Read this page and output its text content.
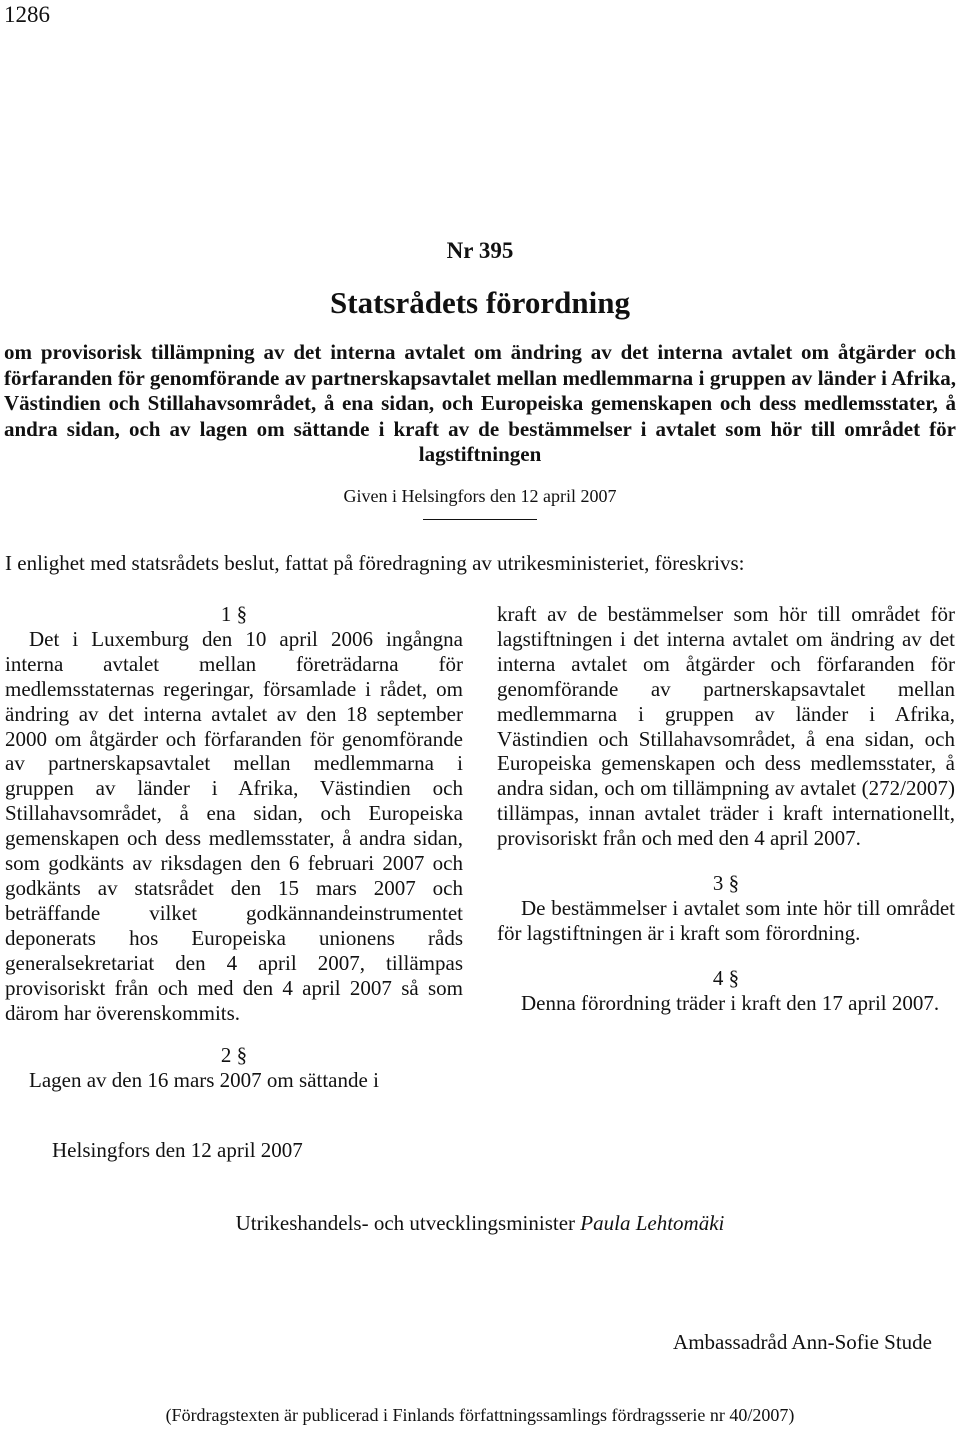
1286
Nr 395
Statsrådets förordning
om provisorisk tillämpning av det interna avtalet om ändring av det interna avtalet om åtgärder och förfaranden för genomförande av partnerskapsavtalet mellan medlemmarna i gruppen av länder i Afrika, Västindien och Stillahavsområdet, å ena sidan, och Europeiska gemenskapen och dess medlemsstater, å andra sidan, och av lagen om sättande i kraft av de bestämmelser i avtalet som hör till området för lagstiftningen
Given i Helsingfors den 12 april 2007
I enlighet med statsrådets beslut, fattat på föredragning av utrikesministeriet, föreskrivs:
1 §
Det i Luxemburg den 10 april 2006 ingångna interna avtalet mellan företrädarna för medlemsstaternas regeringar, församlade i rådet, om ändring av det interna avtalet av den 18 september 2000 om åtgärder och förfaranden för genomförande av partnerskapsavtalet mellan medlemmarna i gruppen av länder i Afrika, Västindien och Stillahavsområdet, å ena sidan, och Europeiska gemenskapen och dess medlemsstater, å andra sidan, som godkänts av riksdagen den 6 februari 2007 och godkänts av statsrådet den 15 mars 2007 och beträffande vilket godkännandeinstrumentet deponerats hos Europeiska unionens råds generalsekretariat den 4 april 2007, tillämpas provisoriskt från och med den 4 april 2007 så som därom har överenskommits.
2 §
Lagen av den 16 mars 2007 om sättande i
kraft av de bestämmelser som hör till området för lagstiftningen i det interna avtalet om ändring av det interna avtalet om åtgärder och förfaranden för genomförande av partnerskapsavtalet mellan medlemmarna i gruppen av länder i Afrika, Västindien och Stillahavsområdet, å ena sidan, och Europeiska gemenskapen och dess medlemsstater, å andra sidan, och om tillämpning av avtalet (272/2007) tillämpas, innan avtalet träder i kraft internationellt, provisoriskt från och med den 4 april 2007.
3 §
De bestämmelser i avtalet som inte hör till området för lagstiftningen är i kraft som förordning.
4 §
Denna förordning träder i kraft den 17 april 2007.
Helsingfors den 12 april 2007
Utrikeshandels- och utvecklingsminister Paula Lehtomäki
Ambassadråd Ann-Sofie Stude
(Fördragstexten är publicerad i Finlands författningssamlings fördragsserie nr 40/2007)
